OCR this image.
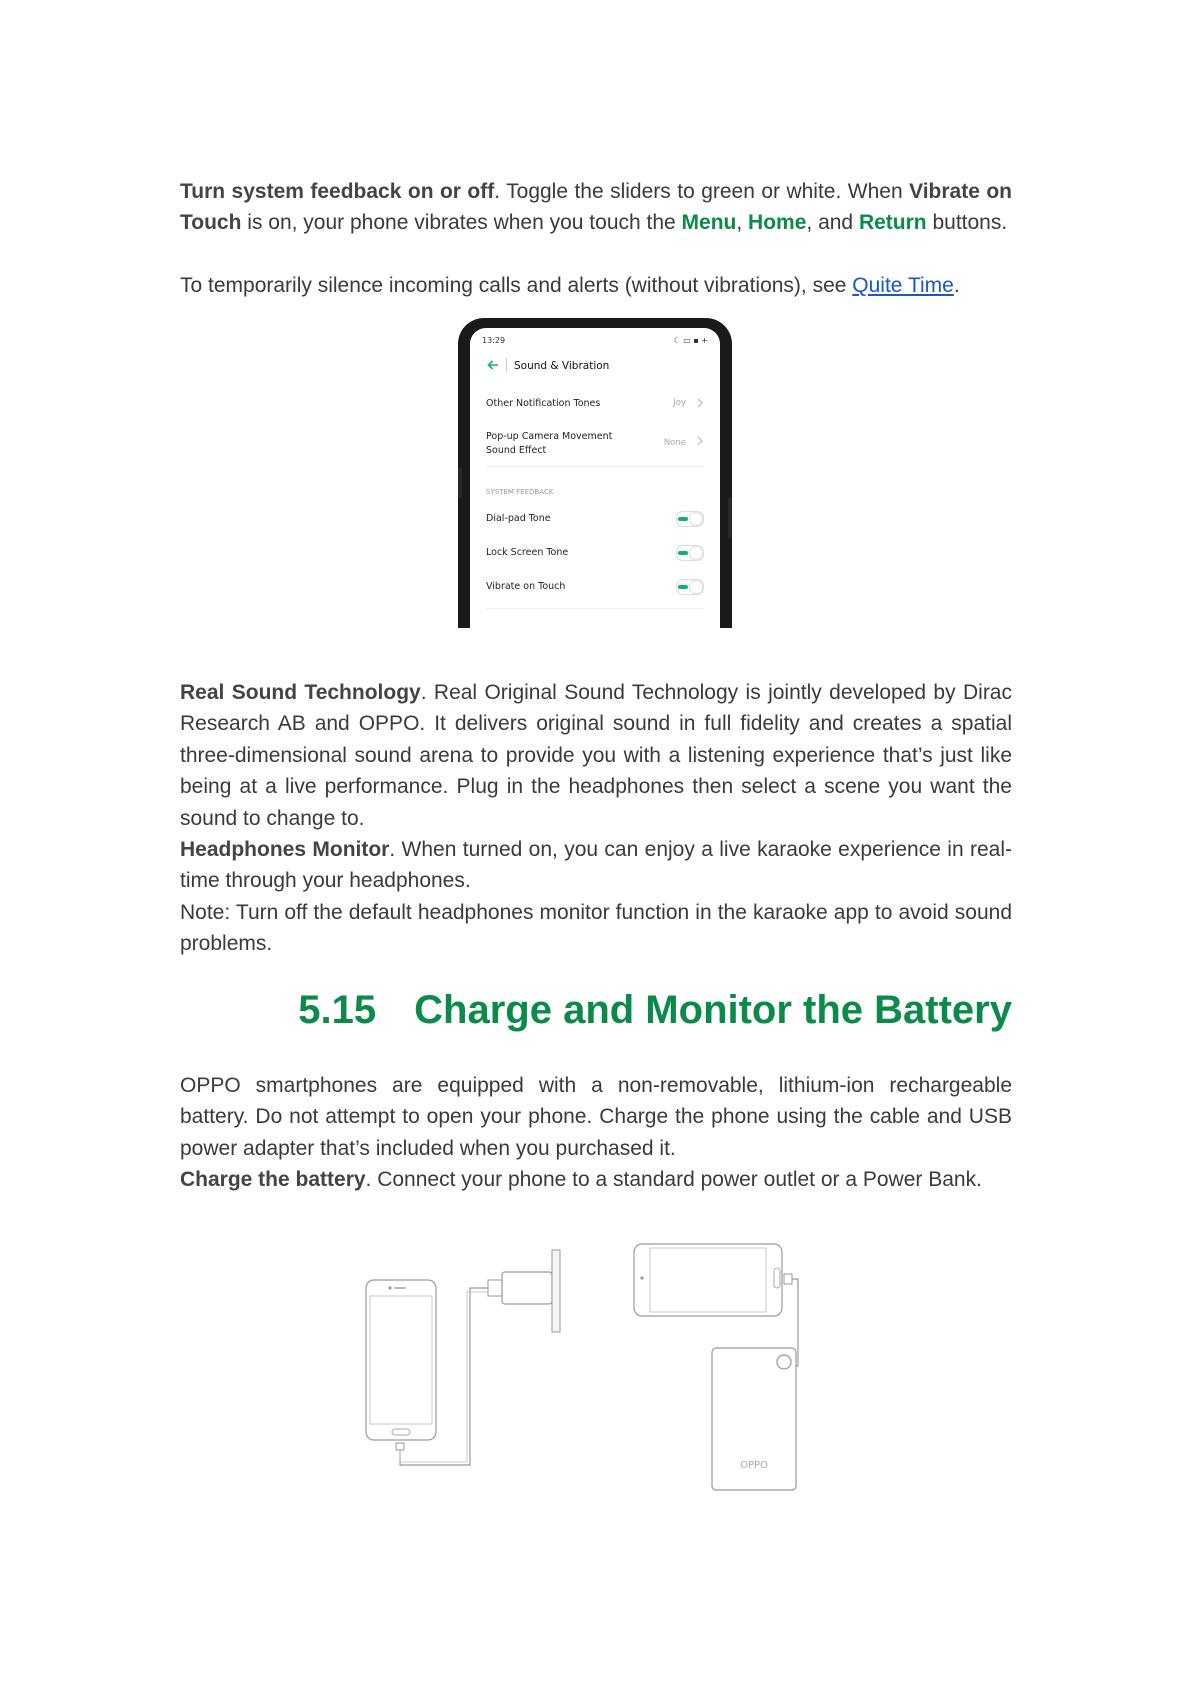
Turn system feedback on or off. Toggle the sliders to green or white. When Vibrate on Touch is on, your phone vibrates when you touch the Menu, Home, and Return buttons.

To temporarily silence incoming calls and alerts (without vibrations), see Quite Time.

13:29	☾ ▭ ▪ +
Sound & Vibration
Other Notification Tones	Joy
Pop-up Camera Movement
Sound Effect
None
SYSTEM FEEDBACK
Dial-pad Tone
Lock Screen Tone
Vibrate on Touch

Real Sound Technology. Real Original Sound Technology is jointly developed by Dirac Research AB and OPPO. It delivers original sound in full fidelity and creates a spatial three-dimensional sound arena to provide you with a listening experience that’s just like being at a live performance. Plug in the headphones then select a scene you want the sound to change to.

Headphones Monitor. When turned on, you can enjoy a live karaoke experience in real-time through your headphones.

Note: Turn off the default headphones monitor function in the karaoke app to avoid sound problems.

5.15 Charge and Monitor the Battery

OPPO smartphones are equipped with a non-removable, lithium-ion rechargeable battery. Do not attempt to open your phone. Charge the phone using the cable and USB power adapter that’s included when you purchased it.

Charge the battery. Connect your phone to a standard power outlet or a Power Bank.

OPPO
